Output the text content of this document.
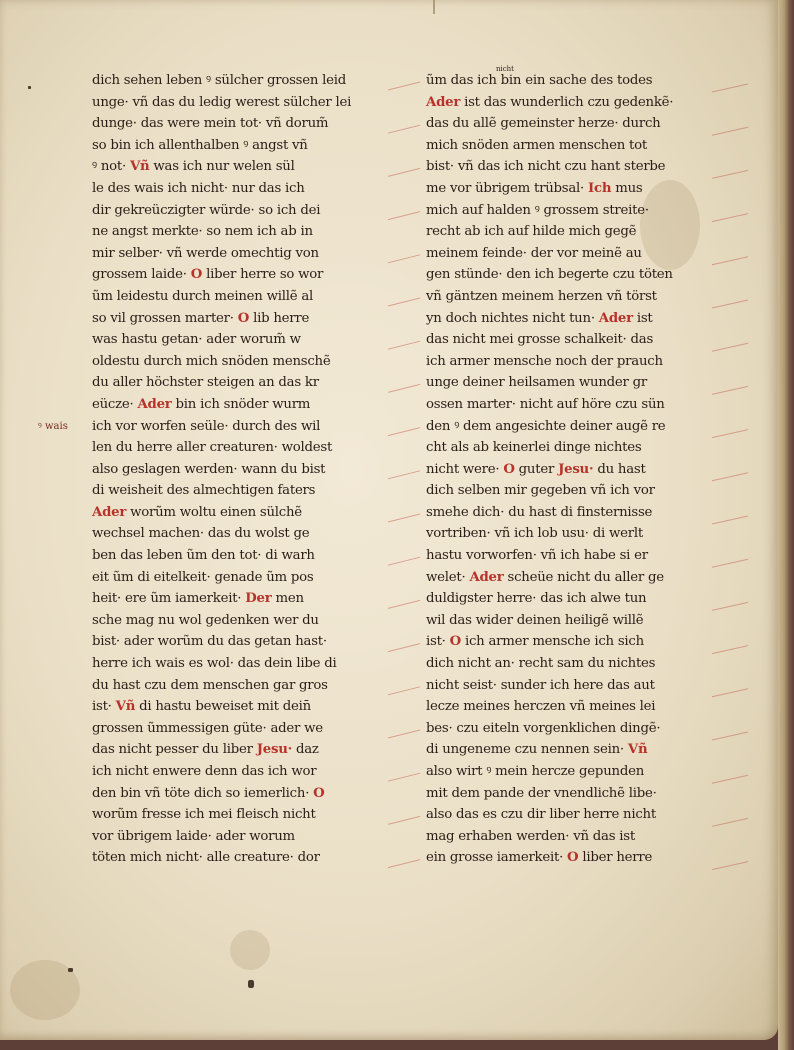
ꝰ wais
dich sehen leben ꝰ sülcher grossen leid
unge· vñ das du ledig werest sülcher lei
dunge· das were mein tot· vñ dorum̃
so bin ich allenthalben ꝰ angst vñ
ꝰ not· Vñ was ich nur welen sül
le des wais ich nicht· nur das ich
dir gekreüczigter würde· so ich dei
ne angst merkte· so nem ich ab in
mir selber· vñ werde omechtig von
grossem laide· O liber herre so wor
ũm leidestu durch meinen willẽ al
so vil grossen marter· O lib herre
was hastu getan· ader worum̃ w
oldestu durch mich snöden menschẽ
du aller höchster steigen an das kr
eücze· Ader bin ich snöder wurm
ich vor worfen seüle· durch des wil
len du herre aller creaturen· woldest
also geslagen werden· wann du bist
di weisheit des almechtigen faters
Ader worũm woltu einen sülchẽ
wechsel machen· das du wolst ge
ben das leben ũm den tot· di warh
eit ũm di eitelkeit· genade ũm pos
heit· ere ũm iamerkeit· Der men
sche mag nu wol gedenken wer du
bist· ader worũm du das getan hast·
herre ich wais es wol· das dein libe di
du hast czu dem menschen gar gros
ist· Vñ di hastu beweiset mit dein̄
grossen ũmmessigen güte· ader we
das nicht pesser du liber Jesu· daz
ich nicht enwere denn das ich wor
den bin vñ töte dich so iemerlich· O
worũm fresse ich mei fleisch nicht
vor übrigem laide· ader worum
töten mich nicht· alle creature· dor
ũm das ich bin ein sache des todes
Ader ist das wunderlich czu gedenkẽ·
das du allẽ gemeinster herze· durch
mich snöden armen menschen tot
bist· vñ das ich nicht czu hant sterbe
me vor übrigem trübsal· Ich mus
mich auf halden ꝰ grossem streite·
recht ab ich auf hilde mich gegẽ
meinem feinde· der vor meinẽ au
gen stünde· den ich begerte czu töten
vñ gäntzen meinem herzen vñ törst
yn doch nichtes nicht tun· Ader ist
das nicht mei grosse schalkeit· das
ich armer mensche noch der prauch
unge deiner heilsamen wunder gr
ossen marter· nicht auf höre czu sün
den ꝰ dem angesichte deiner augẽ re
cht als ab keinerlei dinge nichtes
nicht were· O guter Jesu· du hast
dich selben mir gegeben vñ ich vor
smehe dich· du hast di finsternisse
vortriben· vñ ich lob usu· di werlt
hastu vorworfen· vñ ich habe si er
welet· Ader scheüe nicht du aller ge
duldigster herre· das ich alwe tun
wil das wider deinen heiligẽ willẽ
ist· O ich armer mensche ich sich
dich nicht an· recht sam du nichtes
nicht seist· sunder ich here das aut
lecze meines herczen vñ meines lei
bes· czu eiteln vorgenklichen dingẽ·
di ungeneme czu nennen sein· Vñ
also wirt ꝰ mein hercze gepunden
mit dem pande der vnendlichẽ libe·
also das es czu dir liber herre nicht
mag erhaben werden· vñ das ist
ein grosse iamerkeit· O liber herre
nicht
